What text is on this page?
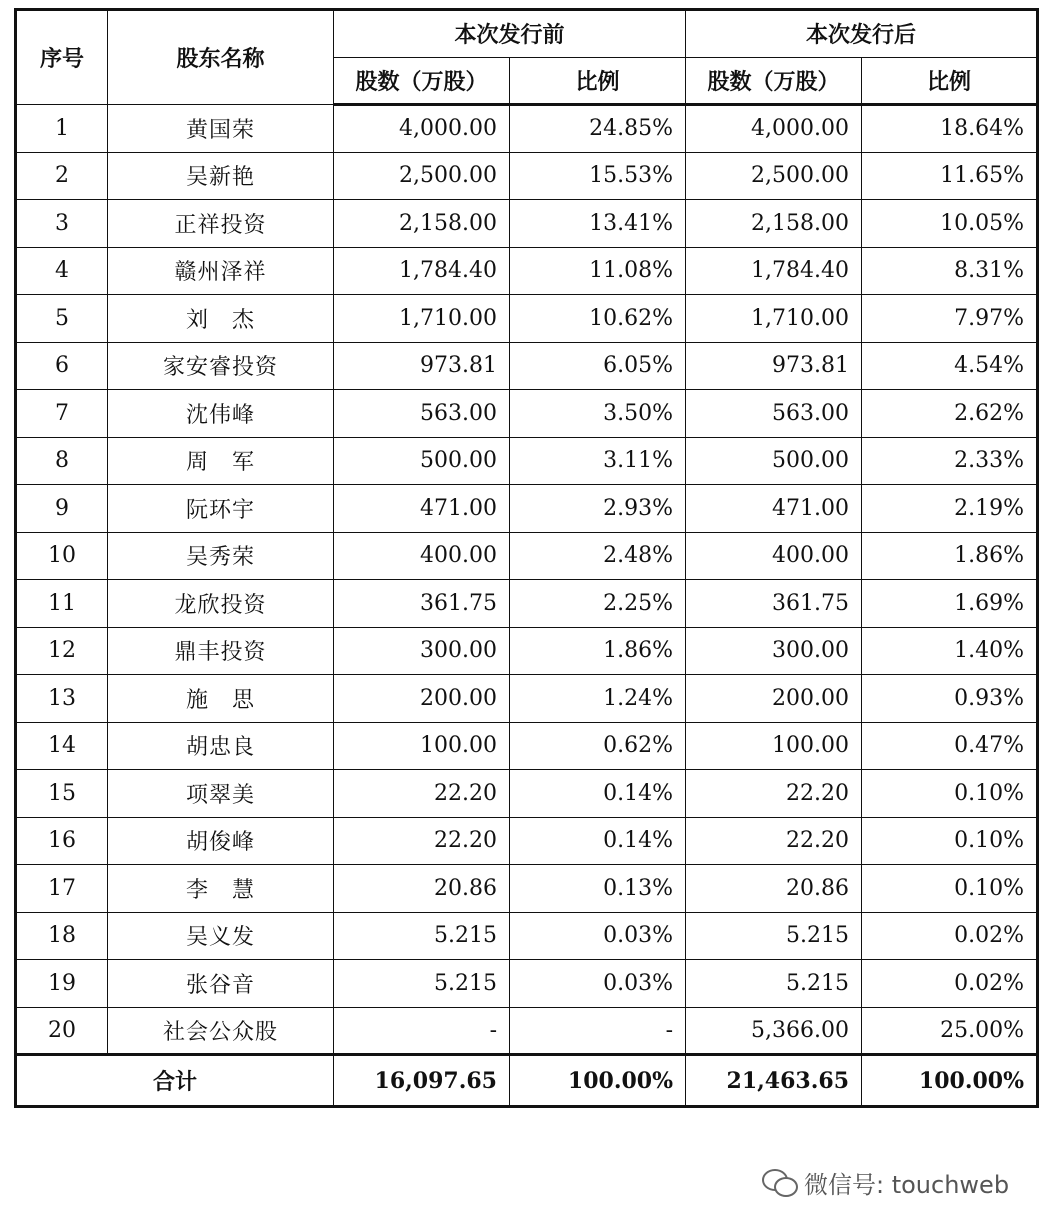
序号	股东名称	本次发行前		本次发行后	
		股数（万股）	比例	股数（万股）	比例
1	黄国荣	4,000.00	24.85%	4,000.00	18.64%
2	吴新艳	2,500.00	15.53%	2,500.00	11.65%
3	正祥投资	2,158.00	13.41%	2,158.00	10.05%
4	赣州泽祥	1,784.40	11.08%	1,784.40	8.31%
5	刘　杰	1,710.00	10.62%	1,710.00	7.97%
6	家安睿投资	973.81	6.05%	973.81	4.54%
7	沈伟峰	563.00	3.50%	563.00	2.62%
8	周　军	500.00	3.11%	500.00	2.33%
9	阮环宇	471.00	2.93%	471.00	2.19%
10	吴秀荣	400.00	2.48%	400.00	1.86%
11	龙欣投资	361.75	2.25%	361.75	1.69%
12	鼎丰投资	300.00	1.86%	300.00	1.40%
13	施　思	200.00	1.24%	200.00	0.93%
14	胡忠良	100.00	0.62%	100.00	0.47%
15	项翠美	22.20	0.14%	22.20	0.10%
16	胡俊峰	22.20	0.14%	22.20	0.10%
17	李　慧	20.86	0.13%	20.86	0.10%
18	吴义发	5.215	0.03%	5.215	0.02%
19	张谷音	5.215	0.03%	5.215	0.02%
20	社会公众股	-	-	5,366.00	25.00%
合计		16,097.65	100.00%	21,463.65	100.00%
微信号: touchweb
